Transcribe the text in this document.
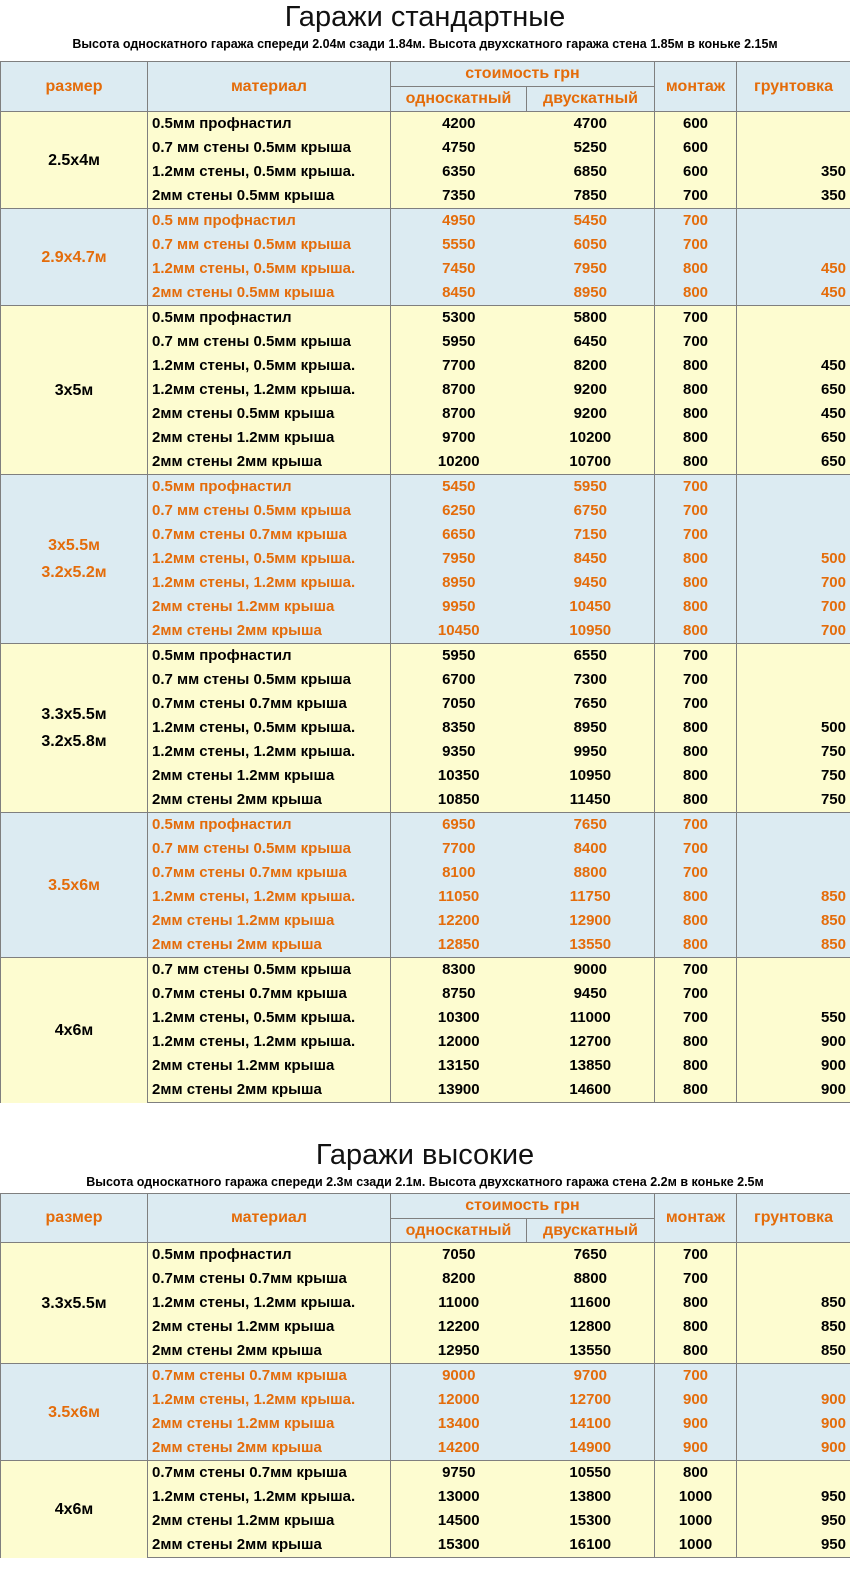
Гаражи стандартные
Высота односкатного гаража спереди 2.04м сзади 1.84м. Высота двухскатного гаража стена 1.85м в коньке 2.15м
размер	материал	стоимость грн		монтаж	грунтовка
		односкатный	двускатный		

2.5х4м	0.5мм профнастил	4200	4700	600	
	0.7 мм стены 0.5мм крыша	4750	5250	600	
	1.2мм стены, 0.5мм крыша.	6350	6850	600	350
	2мм стены 0.5мм крыша	7350	7850	700	350

2.9х4.7м	0.5 мм профнастил	4950	5450	700	
	0.7 мм стены 0.5мм крыша	5550	6050	700	
	1.2мм стены, 0.5мм крыша.	7450	7950	800	450
	2мм стены 0.5мм крыша	8450	8950	800	450

3х5м	0.5мм профнастил	5300	5800	700	
	0.7 мм стены 0.5мм крыша	5950	6450	700	
	1.2мм стены, 0.5мм крыша.	7700	8200	800	450
	1.2мм стены, 1.2мм крыша.	8700	9200	800	650
	2мм стены 0.5мм крыша	8700	9200	800	450
	2мм стены 1.2мм крыша	9700	10200	800	650
	2мм стены 2мм крыша	10200	10700	800	650

3х5.5м
3.2х5.2м	0.5мм профнастил	5450	5950	700	
	0.7 мм стены 0.5мм крыша	6250	6750	700	
	0.7мм стены 0.7мм крыша	6650	7150	700	
	1.2мм стены, 0.5мм крыша.	7950	8450	800	500
	1.2мм стены, 1.2мм крыша.	8950	9450	800	700
	2мм стены 1.2мм крыша	9950	10450	800	700
	2мм стены 2мм крыша	10450	10950	800	700

3.3х5.5м
3.2х5.8м	0.5мм профнастил	5950	6550	700	
	0.7 мм стены 0.5мм крыша	6700	7300	700	
	0.7мм стены 0.7мм крыша	7050	7650	700	
	1.2мм стены, 0.5мм крыша.	8350	8950	800	500
	1.2мм стены, 1.2мм крыша.	9350	9950	800	750
	2мм стены 1.2мм крыша	10350	10950	800	750
	2мм стены 2мм крыша	10850	11450	800	750

3.5х6м	0.5мм профнастил	6950	7650	700	
	0.7 мм стены 0.5мм крыша	7700	8400	700	
	0.7мм стены 0.7мм крыша	8100	8800	700	
	1.2мм стены, 1.2мм крыша.	11050	11750	800	850
	2мм стены 1.2мм крыша	12200	12900	800	850
	2мм стены 2мм крыша	12850	13550	800	850

4х6м	0.7 мм стены 0.5мм крыша	8300	9000	700	
	0.7мм стены 0.7мм крыша	8750	9450	700	
	1.2мм стены, 0.5мм крыша.	10300	11000	700	550
	1.2мм стены, 1.2мм крыша.	12000	12700	800	900
	2мм стены 1.2мм крыша	13150	13850	800	900
	2мм стены 2мм крыша	13900	14600	800	900
Гаражи высокие
Высота односкатного гаража спереди 2.3м сзади 2.1м. Высота двухскатного гаража стена 2.2м в коньке 2.5м
размер	материал	стоимость грн		монтаж	грунтовка
		односкатный	двускатный		

3.3х5.5м	0.5мм профнастил	7050	7650	700	
	0.7мм стены 0.7мм крыша	8200	8800	700	
	1.2мм стены, 1.2мм крыша.	11000	11600	800	850
	2мм стены 1.2мм крыша	12200	12800	800	850
	2мм стены 2мм крыша	12950	13550	800	850

3.5х6м	0.7мм стены 0.7мм крыша	9000	9700	700	
	1.2мм стены, 1.2мм крыша.	12000	12700	900	900
	2мм стены 1.2мм крыша	13400	14100	900	900
	2мм стены 2мм крыша	14200	14900	900	900

4х6м	0.7мм стены 0.7мм крыша	9750	10550	800	
	1.2мм стены, 1.2мм крыша.	13000	13800	1000	950
	2мм стены 1.2мм крыша	14500	15300	1000	950
	2мм стены 2мм крыша	15300	16100	1000	950
